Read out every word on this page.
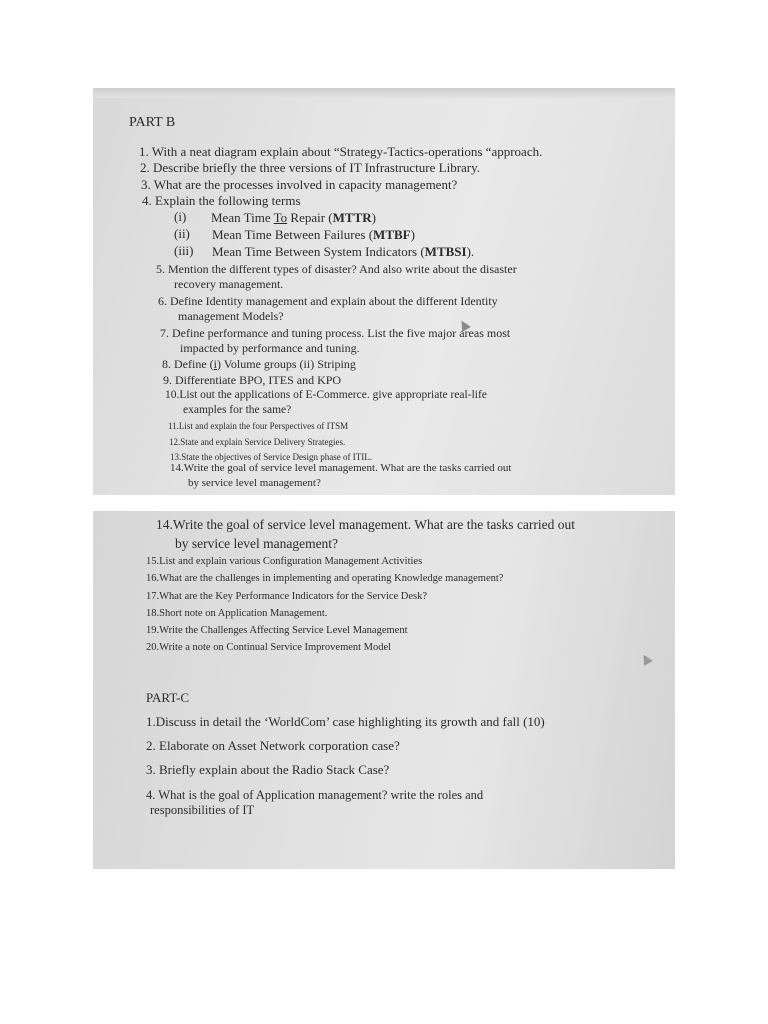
PART B
1. With a neat diagram explain about “Strategy-Tactics-operations “approach.
2. Describe briefly the three versions of IT Infrastructure Library.
3. What are the processes involved in capacity management?
4. Explain the following terms
(i) Mean Time To Repair (MTTR)
(ii) Mean Time Between Failures (MTBF)
(iii) Mean Time Between System Indicators (MTBSI).
5. Mention the different types of disaster? And also write about the disaster
recovery management.
6. Define Identity management and explain about the different Identity
management Models?
7. Define performance and tuning process. List the five major areas most
impacted by performance and tuning.
8. Define (i) Volume groups (ii) Striping
9. Differentiate BPO, ITES and KPO
10.List out the applications of E-Commerce. give appropriate real-life
examples for the same?
11.List and explain the four Perspectives of ITSM
12.State and explain Service Delivery Strategies.
13.State the objectives of Service Design phase of ITIL.
14.Write the goal of service level management. What are the tasks carried out
by service level management?
14.Write the goal of service level management. What are the tasks carried out
by service level management?
15.List and explain various Configuration Management Activities
16.What are the challenges in implementing and operating Knowledge management?
17.What are the Key Performance Indicators for the Service Desk?
18.Short note on Application Management.
19.Write the Challenges Affecting Service Level Management
20.Write a note on Continual Service Improvement Model
PART-C
1.Discuss in detail the ‘WorldCom’ case highlighting its growth and fall (10)
2. Elaborate on Asset Network corporation case?
3. Briefly explain about the Radio Stack Case?
4. What is the goal of Application management? write the roles and
responsibilities of IT
